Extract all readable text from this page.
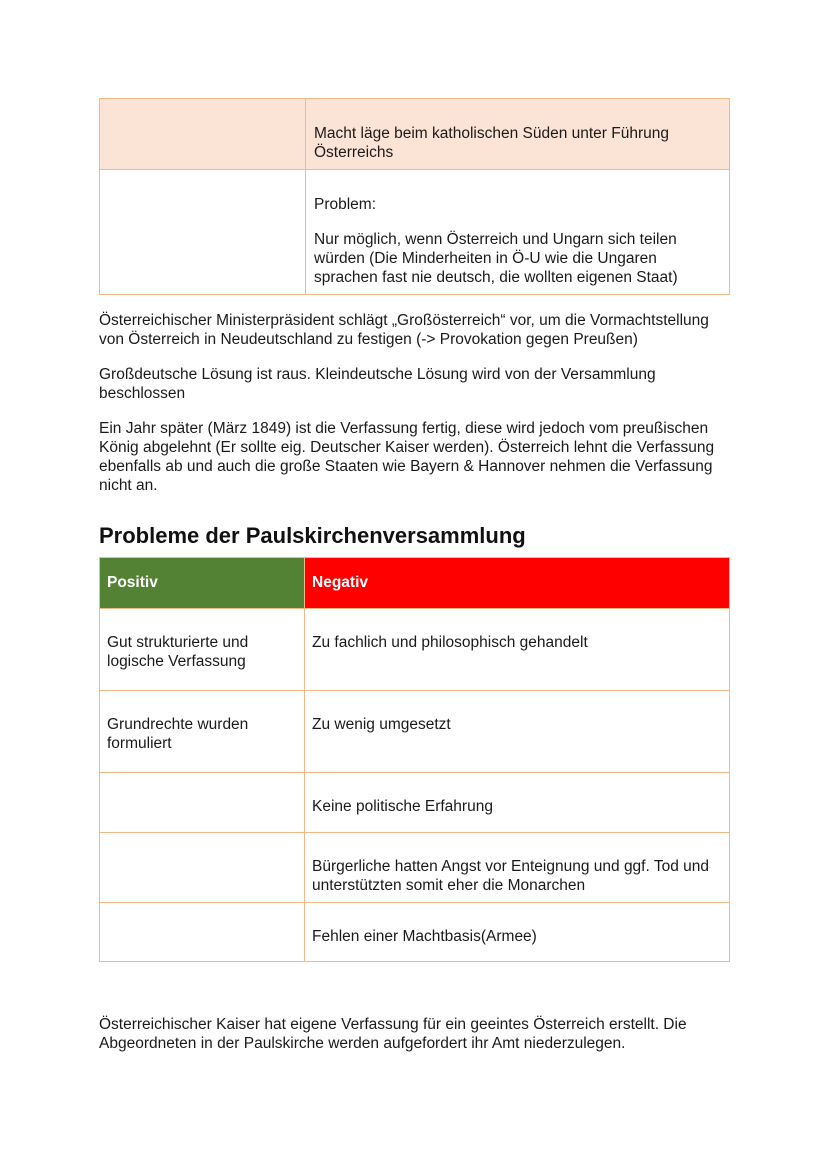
	Macht läge beim katholischen Süden unter Führung Österreichs

	Problem:
Nur möglich, wenn Österreich und Ungarn sich teilen würden (Die Minderheiten in Ö-U wie die Ungaren sprachen fast nie deutsch, die wollten eigenen Staat)

Österreichischer Ministerpräsident schlägt „Großösterreich“ vor, um die Vormachtstellung von Österreich in Neudeutschland zu festigen (-> Provokation gegen Preußen)

Großdeutsche Lösung ist raus. Kleindeutsche Lösung wird von der Versammlung beschlossen

Ein Jahr später (März 1849) ist die Verfassung fertig, diese wird jedoch vom preußischen König abgelehnt (Er sollte eig. Deutscher Kaiser werden). Österreich lehnt die Verfassung ebenfalls ab und auch die große Staaten wie Bayern & Hannover nehmen die Verfassung nicht an.

Probleme der Paulskirchenversammlung
Positiv	Negativ

Gut strukturierte und logische Verfassung	Zu fachlich und philosophisch gehandelt

Grundrechte wurden formuliert	Zu wenig umgesetzt

	Keine politische Erfahrung

	Bürgerliche hatten Angst vor Enteignung und ggf. Tod und unterstützten somit eher die Monarchen

	Fehlen einer Machtbasis(Armee)

Österreichischer Kaiser hat eigene Verfassung für ein geeintes Österreich erstellt. Die Abgeordneten in der Paulskirche werden aufgefordert ihr Amt niederzulegen.
